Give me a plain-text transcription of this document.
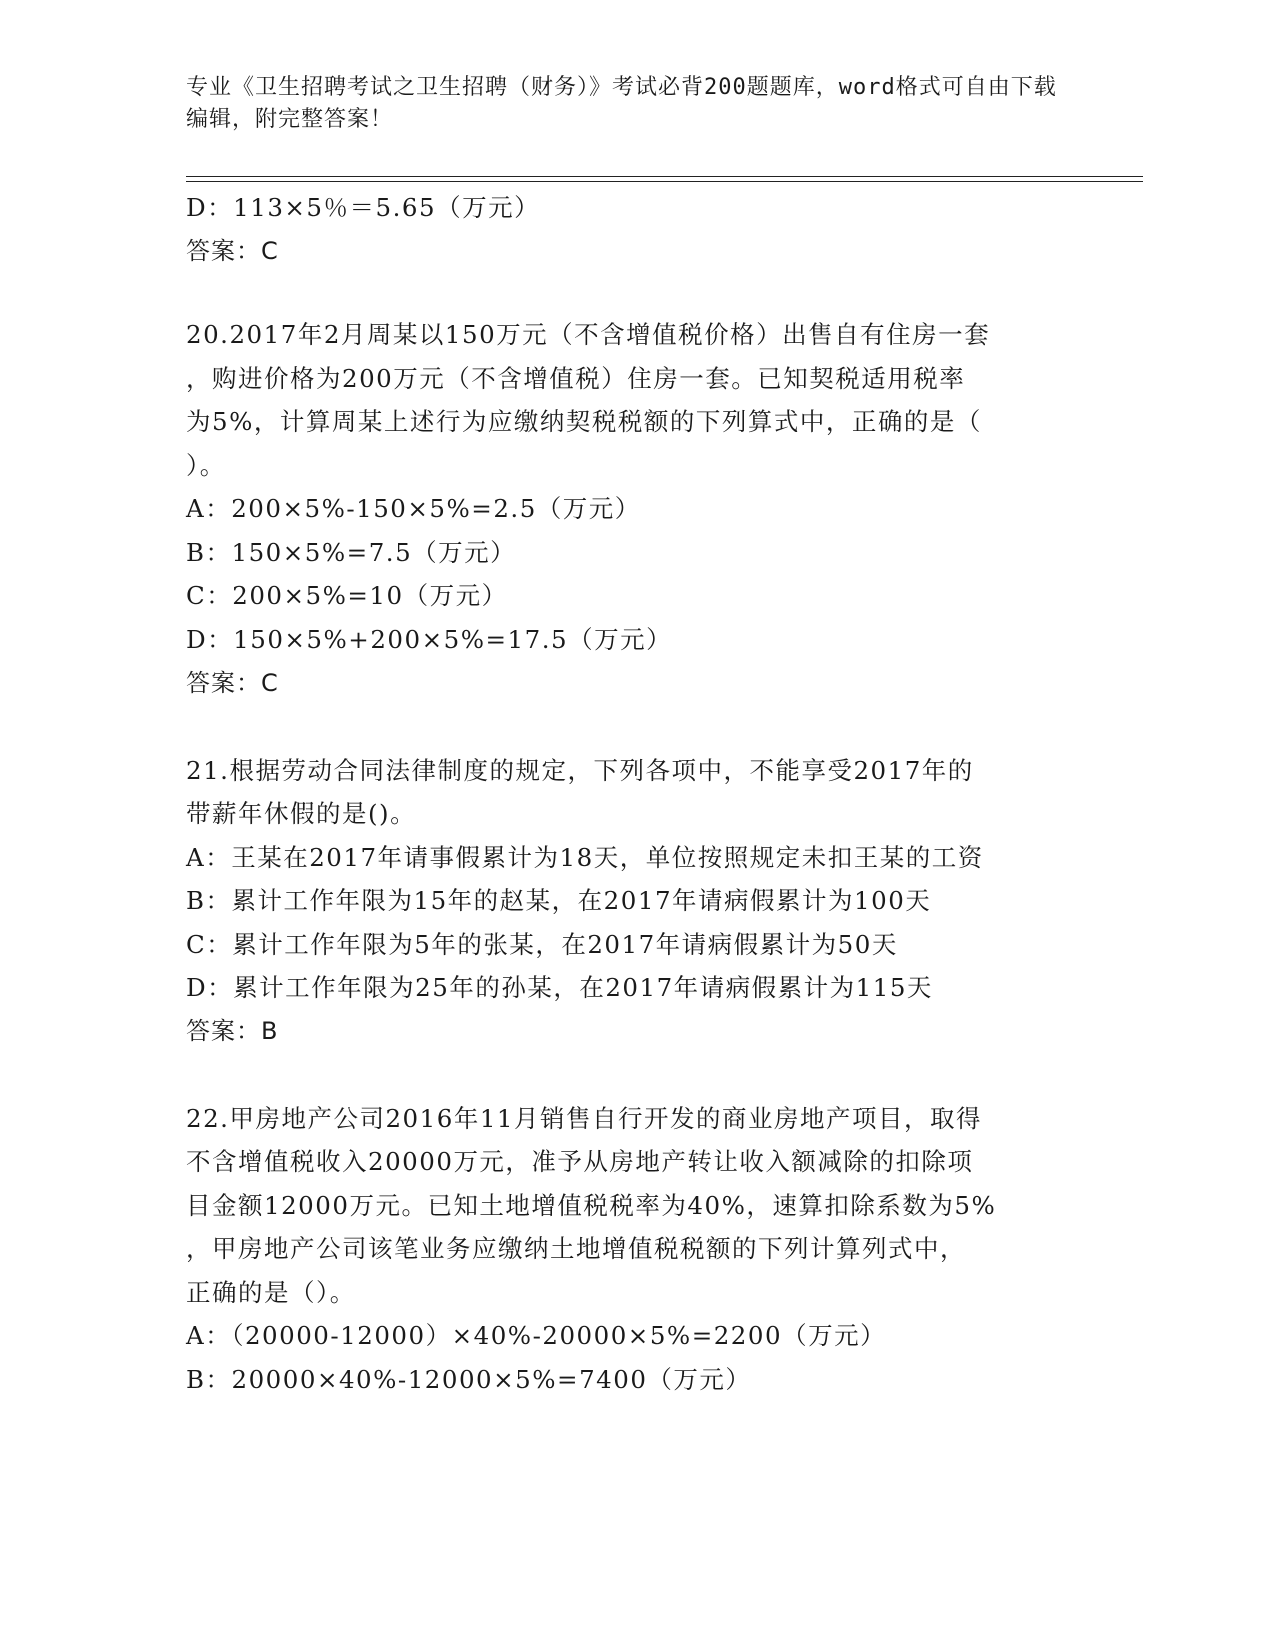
专业《卫生招聘考试之卫生招聘（财务）》考试必背200题题库，word格式可自由下载编辑，附完整答案！
D：113×5％＝5.65（万元）
答案：C
20.2017年2月周某以150万元（不含增值税价格）出售自有住房一套
，购进价格为200万元（不含增值税）住房一套。已知契税适用税率
为5%，计算周某上述行为应缴纳契税税额的下列算式中，正确的是（
）。
A：200×5%-150×5%=2.5（万元）
B：150×5%=7.5（万元）
C：200×5%=10（万元）
D：150×5%+200×5%=17.5（万元）
答案：C
21.根据劳动合同法律制度的规定，下列各项中，不能享受2017年的
带薪年休假的是()。
A：王某在2017年请事假累计为18天，单位按照规定未扣王某的工资
B：累计工作年限为15年的赵某，在2017年请病假累计为100天
C：累计工作年限为5年的张某，在2017年请病假累计为50天
D：累计工作年限为25年的孙某，在2017年请病假累计为115天
答案：B
22.甲房地产公司2016年11月销售自行开发的商业房地产项目，取得
不含增值税收入20000万元，准予从房地产转让收入额减除的扣除项
目金额12000万元。已知土地增值税税率为40%，速算扣除系数为5%
，甲房地产公司该笔业务应缴纳土地增值税税额的下列计算列式中，
正确的是（）。
A：（20000-12000）×40%-20000×5%=2200（万元）
B：20000×40%-12000×5%=7400（万元）
